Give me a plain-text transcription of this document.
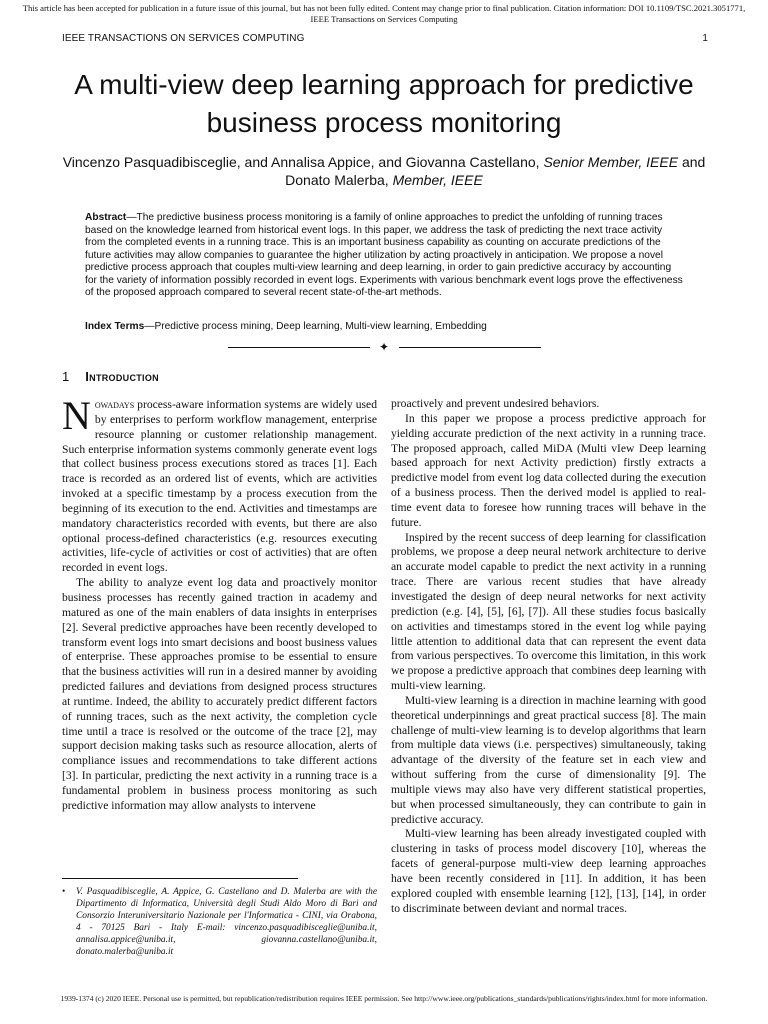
This article has been accepted for publication in a future issue of this journal, but has not been fully edited. Content may change prior to final publication. Citation information: DOI 10.1109/TSC.2021.3051771, IEEE Transactions on Services Computing
IEEE TRANSACTIONS ON SERVICES COMPUTING	1
A multi-view deep learning approach for predictive business process monitoring
Vincenzo Pasquadibisceglie, and Annalisa Appice, and Giovanna Castellano, Senior Member, IEEE and
Donato Malerba, Member, IEEE

Abstract—The predictive business process monitoring is a family of online approaches to predict the unfolding of running traces based on the knowledge learned from historical event logs. In this paper, we address the task of predicting the next trace activity from the completed events in a running trace. This is an important business capability as counting on accurate predictions of the future activities may allow companies to guarantee the higher utilization by acting proactively in anticipation. We propose a novel predictive process approach that couples multi-view learning and deep learning, in order to gain predictive accuracy by accounting for the variety of information possibly recorded in event logs. Experiments with various benchmark event logs prove the effectiveness of the proposed approach compared to several recent state-of-the-art methods.

Index Terms—Predictive process mining, Deep learning, Multi-view learning, Embedding

✦
1 Introduction

Nowadays process-aware information systems are widely used by enterprises to perform workflow management, enterprise resource planning or customer relationship management. Such enterprise information systems commonly generate event logs that collect business process executions stored as traces [1]. Each trace is recorded as an ordered list of events, which are activities invoked at a specific timestamp by a process execution from the beginning of its execution to the end. Activities and timestamps are mandatory characteristics recorded with events, but there are also optional process-defined characteristics (e.g. resources executing activities, life-cycle of activities or cost of activities) that are often recorded in event logs.

The ability to analyze event log data and proactively monitor business processes has recently gained traction in academy and matured as one of the main enablers of data insights in enterprises [2]. Several predictive approaches have been recently developed to transform event logs into smart decisions and boost business values of enterprise. These approaches promise to be essential to ensure that the business activities will run in a desired manner by avoiding predicted failures and deviations from designed process structures at runtime. Indeed, the ability to accurately predict different factors of running traces, such as the next activity, the completion cycle time until a trace is resolved or the outcome of the trace [2], may support decision making tasks such as resource allocation, alerts of compliance issues and recommendations to take different actions [3]. In particular, predicting the next activity in a running trace is a fundamental problem in business process monitoring as such predictive information may allow analysts to intervene

proactively and prevent undesired behaviors.

In this paper we propose a process predictive approach for yielding accurate prediction of the next activity in a running trace. The proposed approach, called MiDA (Multi vIew Deep learning based approach for next Activity prediction) firstly extracts a predictive model from event log data collected during the execution of a business process. Then the derived model is applied to real-time event data to foresee how running traces will behave in the future.

Inspired by the recent success of deep learning for classification problems, we propose a deep neural network architecture to derive an accurate model capable to predict the next activity in a running trace. There are various recent studies that have already investigated the design of deep neural networks for next activity prediction (e.g. [4], [5], [6], [7]). All these studies focus basically on activities and timestamps stored in the event log while paying little attention to additional data that can represent the event data from various perspectives. To overcome this limitation, in this work we propose a predictive approach that combines deep learning with multi-view learning.

Multi-view learning is a direction in machine learning with good theoretical underpinnings and great practical success [8]. The main challenge of multi-view learning is to develop algorithms that learn from multiple data views (i.e. perspectives) simultaneously, taking advantage of the diversity of the feature set in each view and without suffering from the curse of dimensionality [9]. The multiple views may also have very different statistical properties, but when processed simultaneously, they can contribute to gain in predictive accuracy.

Multi-view learning has been already investigated coupled with clustering in tasks of process model discovery [10], whereas the facets of general-purpose multi-view deep learning approaches have been recently considered in [11]. In addition, it has been explored coupled with ensemble learning [12], [13], [14], in order to discriminate between deviant and normal traces.

• V. Pasquadibisceglie, A. Appice, G. Castellano and D. Malerba are with the Dipartimento di Informatica, Università degli Studi Aldo Moro di Bari and Consorzio Interuniversitario Nazionale per l'Informatica - CINI, via Orabona, 4 - 70125 Bari - Italy E-mail: vincenzo.pasquadibisceglie@uniba.it, annalisa.appice@uniba.it, giovanna.castellano@uniba.it, donato.malerba@uniba.it
1939-1374 (c) 2020 IEEE. Personal use is permitted, but republication/redistribution requires IEEE permission. See http://www.ieee.org/publications_standards/publications/rights/index.html for more information.
